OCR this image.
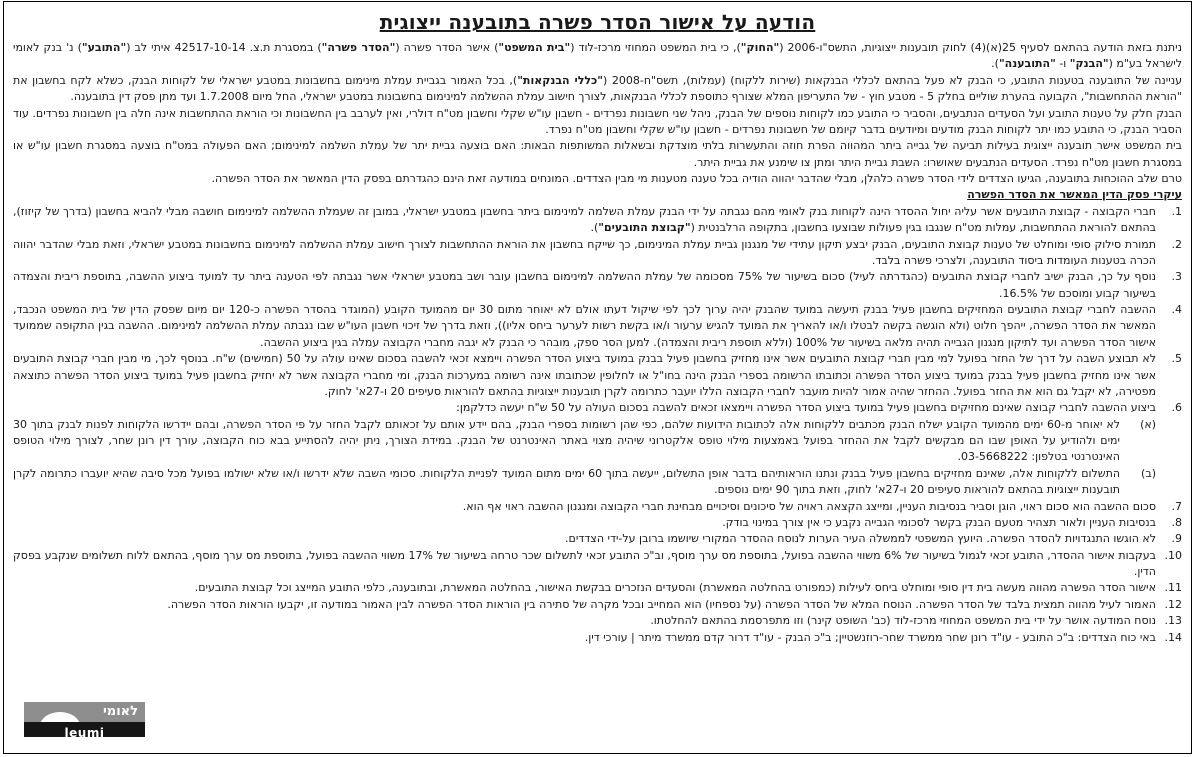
הודעה על אישור הסדר פשרה בתובענה ייצוגית

ניתנת בזאת הודעה בהתאם לסעיף 25(א)(4) לחוק תובענות ייצוגיות, התשס"ו-2006 ("החוק"), כי בית המשפט המחוזי מרכז-לוד ("בית המשפט") אישר הסדר פשרה ("הסדר פשרה") במסגרת ת.צ. 42517-10-14 איתי לב ("התובע") נ' בנק לאומי לישראל בע"מ ("הבנק" ו- "התובענה").

עניינה של התובענה בטענות התובע, כי הבנק לא פעל בהתאם לכללי הבנקאות (שירות ללקוח) (עמלות), תשס"ח-2008 ("כללי הבנקאות"), בכל האמור בגביית עמלת מינימום בחשבונות במטבע ישראלי של לקוחות הבנק, כשלא לקח בחשבון את "הוראת ההתחשבות", הקבועה בהערת שוליים בחלק 5 - מטבע חוץ - של התעריפון המלא שצורף כתוספת לכללי הבנקאות, לצורך חישוב עמלת ההשלמה למינימום בחשבונות במטבע ישראלי, החל מיום 1.7.2008 ועד מתן פסק דין בתובענה.

הבנק חלק על טענות התובע ועל הסעדים הנתבעים, והסביר כי התובע כמו לקוחות נוספים של הבנק, ניהל שני חשבונות נפרדים - חשבון עו"ש שקלי וחשבון מט"ח דולרי, ואין לערבב בין החשבונות וכי הוראת ההתחשבות אינה חלה בין חשבונות נפרדים. עוד הסביר הבנק, כי התובע כמו יתר לקוחות הבנק מודעים ומיודעים בדבר קיומם של חשבונות נפרדים - חשבון עו"ש שקלי וחשבון מט"ח נפרד.

בית המשפט אישר תובענה ייצוגית בעילות תביעה של גבייה ביתר המהווה הפרת חוזה והתעשרות בלתי מוצדקת ובשאלות המשותפות הבאות: האם בוצעה גביית יתר של עמלת השלמה למינימום; האם הפעולה במט"ח בוצעה במסגרת חשבון עו"ש או במסגרת חשבון מט"ח נפרד. הסעדים הנתבעים שאושרו: השבת גביית היתר ומתן צו שימנע את גביית היתר.

טרם שלב ההוכחות בתובענה, הגיעו הצדדים לידי הסדר פשרה כלהלן, מבלי שהדבר יהווה הודיה בכל טענה מטענות מי מבין הצדדים. המונחים במודעה זאת הינם כהגדרתם בפסק הדין המאשר את הסדר הפשרה.

עיקרי פסק הדין המאשר את הסדר הפשרה
1.
חברי הקבוצה - קבוצת התובעים אשר עליה יחול ההסדר הינה לקוחות בנק לאומי מהם נגבתה על ידי הבנק עמלת השלמה למינימום ביתר בחשבון במטבע ישראלי, במובן זה שעמלת ההשלמה למינימום חושבה מבלי להביא בחשבון (בדרך של קיזוז), בהתאם להוראת ההתחשבות, עמלות מט"ח שנגבו בגין פעולות שבוצעו בחשבון, בתקופה הרלבנטית ("קבוצת התובעים").
2.
תמורת סילוק סופי ומוחלט של טענות קבוצת התובעים, הבנק יבצע תיקון עתידי של מנגנון גביית עמלת המינימום, כך שייקח בחשבון את הוראת ההתחשבות לצורך חישוב עמלת ההשלמה למינימום בחשבונות במטבע ישראלי, וזאת מבלי שהדבר יהווה הכרה בטענות העומדות ביסוד התובענה, ולצרכי פשרה בלבד.
3.
נוסף על כך, הבנק ישיב לחברי קבוצת התובעים (כהגדרתה לעיל) סכום בשיעור של 75% מסכומה של עמלת ההשלמה למינימום בחשבון עובר ושב במטבע ישראלי אשר נגבתה לפי הטענה ביתר עד למועד ביצוע ההשבה, בתוספת ריבית והצמדה בשיעור קבוע ומוסכם של 16.5%.
4.
ההשבה לחברי קבוצת התובעים המחזיקים בחשבון פעיל בבנק תיעשה במועד שהבנק יהיה ערוך לכך לפי שיקול דעתו אולם לא יאוחר מתום 30 יום מהמועד הקובע (המוגדר בהסדר הפשרה כ-120 יום מיום שפסק הדין של בית המשפט הנכבד, המאשר את הסדר הפשרה, ייהפך חלוט (ולא הוגשה בקשה לבטלו ו/או להאריך את המועד להגיש ערעור ו/או בקשת רשות לערער ביחס אליו)), וזאת בדרך של זיכוי חשבון העו"ש שבו נגבתה עמלת ההשלמה למינימום. ההשבה בגין התקופה שממועד אישור הסדר הפשרה ועד לתיקון מנגנון הגבייה תהיה מלאה בשיעור של 100% (וללא תוספת ריבית והצמדה). למען הסר ספק, מובהר כי הבנק לא יגבה מחברי הקבוצה עמלה בגין ביצוע ההשבה.
5.
לא תבוצע השבה על דרך של החזר בפועל למי מבין חברי קבוצת התובעים אשר אינו מחזיק בחשבון פעיל בבנק במועד ביצוע הסדר הפשרה ויימצא זכאי להשבה בסכום שאינו עולה על 50 (חמישים) ש"ח. בנוסף לכך, מי מבין חברי קבוצת התובעים אשר אינו מחזיק בחשבון פעיל בבנק במועד ביצוע הסדר הפשרה וכתובתו הרשומה בספרי הבנק הינה בחו"ל או לחלופין שכתובתו אינה רשומה במערכות הבנק, ומי מחברי הקבוצה אשר לא יחזיק בחשבון פעיל במועד ביצוע הסדר הפשרה כתוצאה מפטירה, לא יקבל גם הוא את החזר בפועל. ההחזר שהיה אמור להיות מועבר לחברי הקבוצה הללו יועבר כתרומה לקרן תובענות ייצוגיות בהתאם להוראות סעיפים 20 ו-27א' לחוק.
6.
ביצוע ההשבה לחברי קבוצה שאינם מחזיקים בחשבון פעיל במועד ביצוע הסדר הפשרה ויימצאו זכאים להשבה בסכום העולה על 50 ש"ח יעשה כדלקמן:
(א)
לא יאוחר מ-60 ימים מהמועד הקובע ישלח הבנק מכתבים ללקוחות אלה לכתובות הידועות שלהם, כפי שהן רשומות בספרי הבנק, בהם יידע אותם על זכאותם לקבל החזר על פי הסדר הפשרה, ובהם יידרשו הלקוחות לפנות לבנק בתוך 30 ימים ולהודיע על האופן שבו הם מבקשים לקבל את ההחזר בפועל באמצעות מילוי טופס אלקטרוני שיהיה מצוי באתר האינטרנט של הבנק. במידת הצורך, ניתן יהיה להסתייע בבא כוח הקבוצה, עורך דין רונן שחר, לצורך מילוי הטופס האינטרנטי בטלפון: 03-5668222.
(ב)
התשלום ללקוחות אלה, שאינם מחזיקים בחשבון פעיל בבנק ונתנו הוראותיהם בדבר אופן התשלום, ייעשה בתוך 60 ימים מתום המועד לפניית הלקוחות. סכומי השבה שלא ידרשו ו/או שלא ישולמו בפועל מכל סיבה שהיא יועברו כתרומה לקרן תובענות ייצוגיות בהתאם להוראות סעיפים 20 ו-27א' לחוק, וזאת בתוך 90 ימים נוספים.
7.
סכום ההשבה הוא סכום ראוי, הוגן וסביר בנסיבות העניין, ומייצג הקצאה ראויה של סיכונים וסיכויים מבחינת חברי הקבוצה ומנגנון ההשבה ראוי אף הוא.
8.
בנסיבות העניין ולאור תצהיר מטעם הבנק בקשר לסכומי הגבייה נקבע כי אין צורך במינוי בודק.
9.
לא הוגשו התנגדויות להסדר הפשרה. היועץ המשפטי לממשלה העיר הערות לנוסח ההסדר המקורי שיושמו ברובן על-ידי הצדדים.
10.
בעקבות אישור ההסדר, התובע זכאי לגמול בשיעור של 6% משווי ההשבה בפועל, בתוספת מס ערך מוסף, וב"כ התובע זכאי לתשלום שכר טרחה בשיעור של 17% משווי ההשבה בפועל, בתוספת מס ערך מוסף, בהתאם ללוח תשלומים שנקבע בפסק הדין.
11.
אישור הסדר הפשרה מהווה מעשה בית דין סופי ומוחלט ביחס לעילות (כמפורט בהחלטה המאשרת) והסעדים הנזכרים בבקשת האישור, בהחלטה המאשרת, ובתובענה, כלפי התובע המייצג וכל קבוצת התובעים.
12.
האמור לעיל מהווה תמצית בלבד של הסדר הפשרה. הנוסח המלא של הסדר הפשרה (על נספחיו) הוא המחייב ובכל מקרה של סתירה בין הוראות הסדר הפשרה לבין האמור במודעה זו, יקבעו הוראות הסדר הפשרה.
13.
נוסח המודעה אושר על ידי בית המשפט המחוזי מרכז-לוד (כב' השופט קינר) וזו מתפרסמת בהתאם להחלטתו.
14.
באי כוח הצדדים: ב"כ התובע - עו"ד רונן שחר ממשרד שחר-רוזנשטיין; ב"כ הבנק - עו"ד דרור קדם ממשרד מיתר | עורכי דין.
לאומי
leumi
